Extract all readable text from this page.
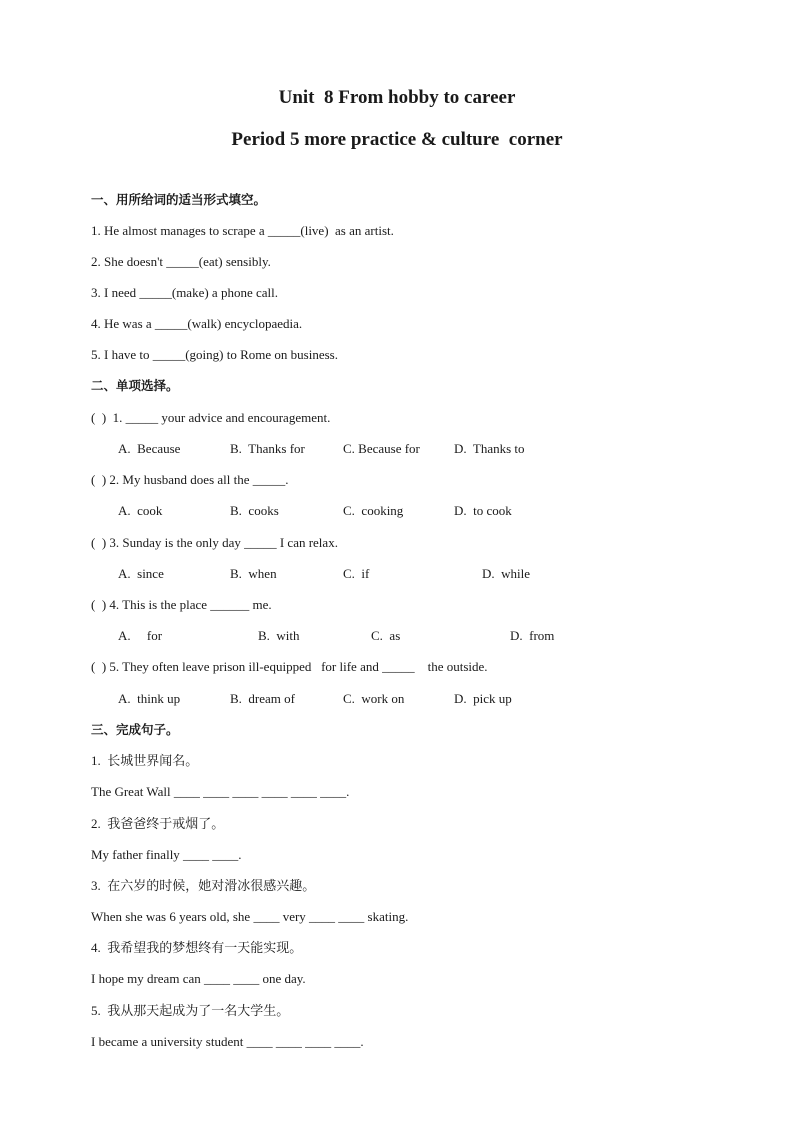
Unit  8 From hobby to career
Period 5 more practice & culture  corner
一、用所给词的适当形式填空。
1. He almost manages to scrape a _____(live)  as an artist.
2. She doesn't _____(eat) sensibly.
3. I need _____(make) a phone call.
4. He was a _____(walk) encyclopaedia.
5. I have to _____(going) to Rome on business.
二、单项选择。
(  )  1. _____ your advice and encouragement.
A.  Because	B.  Thanks for	C. Because for	D.  Thanks to
(  ) 2. My husband does all the _____.
A.  cook	B.  cooks	C.  cooking	D.  to cook
(  ) 3. Sunday is the only day _____ I can relax.
A.  since	B.  when	C.  if	D.  while
(  ) 4. This is the place ______ me.
A.     for	B.  with	C.  as	D.  from
(  ) 5. They often leave prison ill-equipped   for life and _____    the outside.
A.  think up	B.  dream of	C.  work on	D.  pick up
三、完成句子。
1.  长城世界闻名。
The Great Wall ____ ____ ____ ____ ____ ____.
2.  我爸爸终于戒烟了。
My father finally ____ ____.
3.  在六岁的时候，她对滑冰很感兴趣。
When she was 6 years old, she ____ very ____ ____ skating.
4.  我希望我的梦想终有一天能实现。
I hope my dream can ____ ____ one day.
5.  我从那天起成为了一名大学生。
I became a university student ____ ____ ____ ____.
